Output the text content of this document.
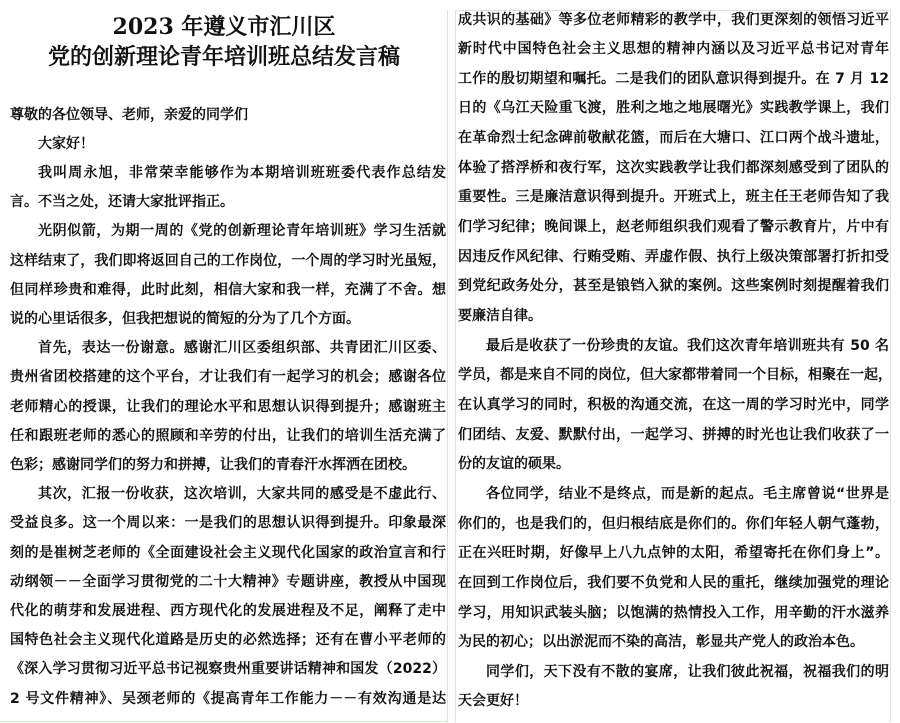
2023 年遵义市汇川区
党的创新理论青年培训班总结发言稿
尊敬的各位领导、老师，亲爱的同学们
大家好！
我叫周永旭，非常荣幸能够作为本期培训班班委代表作总结发
言。不当之处，还请大家批评指正。
光阴似箭，为期一周的《党的创新理论青年培训班》学习生活就
这样结束了，我们即将返回自己的工作岗位，一个周的学习时光虽短，
但同样珍贵和难得，此时此刻，相信大家和我一样，充满了不舍。想
说的心里话很多，但我把想说的简短的分为了几个方面。
首先，表达一份谢意。感谢汇川区委组织部、共青团汇川区委、
贵州省团校搭建的这个平台，才让我们有一起学习的机会；感谢各位
老师精心的授课，让我们的理论水平和思想认识得到提升；感谢班主
任和跟班老师的悉心的照顾和辛劳的付出，让我们的培训生活充满了
色彩；感谢同学们的努力和拼搏，让我们的青春汗水挥洒在团校。
其次，汇报一份收获，这次培训，大家共同的感受是不虚此行、
受益良多。这一个周以来：一是我们的思想认识得到提升。印象最深
刻的是崔树芝老师的《全面建设社会主义现代化国家的政治宣言和行
动纲领－－全面学习贯彻党的二十大精神》专题讲座，教授从中国现
代化的萌芽和发展进程、西方现代化的发展进程及不足，阐释了走中
国特色社会主义现代化道路是历史的必然选择；还有在曹小平老师的
《深入学习贯彻习近平总书记视察贵州重要讲话精神和国发（2022）
2 号文件精神》、吴颈老师的《提高青年工作能力－－有效沟通是达
成共识的基础》等多位老师精彩的教学中，我们更深刻的领悟习近平
新时代中国特色社会主义思想的精神内涵以及习近平总书记对青年
工作的殷切期望和嘱托。二是我们的团队意识得到提升。在 7 月 12
日的《乌江天险重飞渡，胜利之地之地展曙光》实践教学课上，我们
在革命烈士纪念碑前敬献花篮，而后在大塘口、江口两个战斗遗址，
体验了搭浮桥和夜行军，这次实践教学让我们都深刻感受到了团队的
重要性。三是廉洁意识得到提升。开班式上，班主任王老师告知了我
们学习纪律；晚间课上，赵老师组织我们观看了警示教育片，片中有
因违反作风纪律、行贿受贿、弄虚作假、执行上级决策部署打折扣受
到党纪政务处分，甚至是锒铛入狱的案例。这些案例时刻提醒着我们
要廉洁自律。
最后是收获了一份珍贵的友谊。我们这次青年培训班共有 50 名
学员，都是来自不同的岗位，但大家都带着同一个目标，相聚在一起，
在认真学习的同时，积极的沟通交流，在这一周的学习时光中，同学
们团结、友爱、默默付出，一起学习、拼搏的时光也让我们收获了一
份的友谊的硕果。
各位同学，结业不是终点，而是新的起点。毛主席曾说“世界是
你们的，也是我们的，但归根结底是你们的。你们年轻人朝气蓬勃，
正在兴旺时期，好像早上八九点钟的太阳，希望寄托在你们身上”。
在回到工作岗位后，我们要不负党和人民的重托，继续加强党的理论
学习，用知识武装头脑；以饱满的热情投入工作，用辛勤的汗水滋养
为民的初心；以出淤泥而不染的高洁，彰显共产党人的政治本色。
同学们，天下没有不散的宴席，让我们彼此祝福，祝福我们的明
天会更好！
